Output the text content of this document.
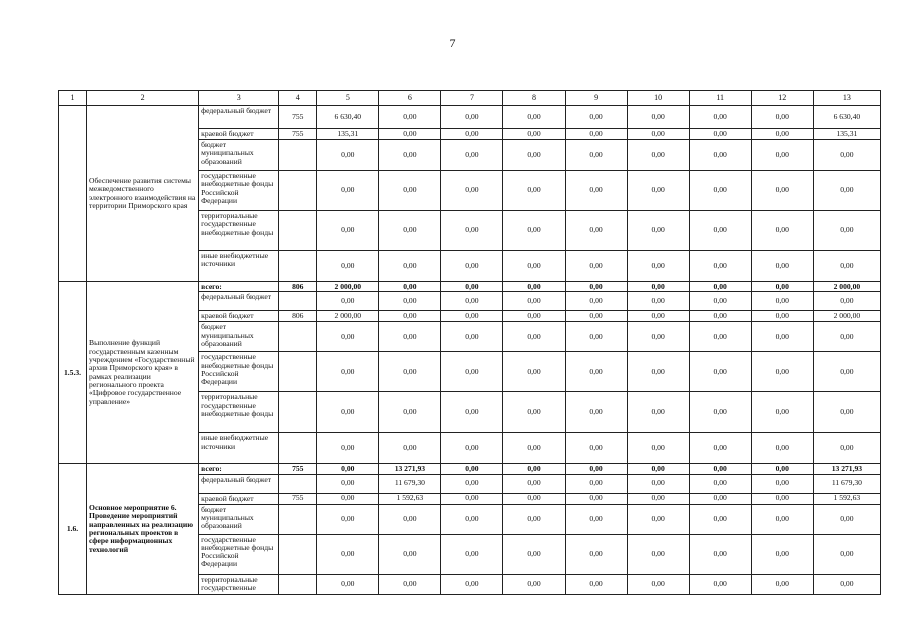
7
1	2	3	4	5	6	7	8	9	10	11	12	13
	Обеспечение развития системы межведомственного электронного взаимодействия на территории Приморского края	федеральный бюджет	755	6 630,40	0,00	0,00	0,00	0,00	0,00	0,00	0,00	6 630,40
		краевой бюджет	755	135,31	0,00	0,00	0,00	0,00	0,00	0,00	0,00	135,31
		бюджет муниципальных образований		0,00	0,00	0,00	0,00	0,00	0,00	0,00	0,00	0,00
		государственные внебюджетные фонды Российской Федерации		0,00	0,00	0,00	0,00	0,00	0,00	0,00	0,00	0,00
		территориальные государственные внебюджетные фонды		0,00	0,00	0,00	0,00	0,00	0,00	0,00	0,00	0,00
		иные внебюджетные источники		0,00	0,00	0,00	0,00	0,00	0,00	0,00	0,00	0,00
1.5.3.	Выполнение функций государственным казенным учреждением «Государственный архив Приморского края» в рамках реализации регионального проекта «Цифровое государственное управление»	всего:	806	2 000,00	0,00	0,00	0,00	0,00	0,00	0,00	0,00	2 000,00
		федеральный бюджет		0,00	0,00	0,00	0,00	0,00	0,00	0,00	0,00	0,00
		краевой бюджет	806	2 000,00	0,00	0,00	0,00	0,00	0,00	0,00	0,00	2 000,00
		бюджет муниципальных образований		0,00	0,00	0,00	0,00	0,00	0,00	0,00	0,00	0,00
		государственные внебюджетные фонды Российской Федерации		0,00	0,00	0,00	0,00	0,00	0,00	0,00	0,00	0,00
		территориальные государственные внебюджетные фонды		0,00	0,00	0,00	0,00	0,00	0,00	0,00	0,00	0,00
		иные внебюджетные источники		0,00	0,00	0,00	0,00	0,00	0,00	0,00	0,00	0,00
1.6.	Основное мероприятие 6. Проведение мероприятий направленных на реализацию региональных проектов в сфере информационных технологий	всего:	755	0,00	13 271,93	0,00	0,00	0,00	0,00	0,00	0,00	13 271,93
		федеральный бюджет		0,00	11 679,30	0,00	0,00	0,00	0,00	0,00	0,00	11 679,30
		краевой бюджет	755	0,00	1 592,63	0,00	0,00	0,00	0,00	0,00	0,00	1 592,63
		бюджет муниципальных образований		0,00	0,00	0,00	0,00	0,00	0,00	0,00	0,00	0,00
		государственные внебюджетные фонды Российской Федерации		0,00	0,00	0,00	0,00	0,00	0,00	0,00	0,00	0,00
		территориальные государственные		0,00	0,00	0,00	0,00	0,00	0,00	0,00	0,00	0,00
